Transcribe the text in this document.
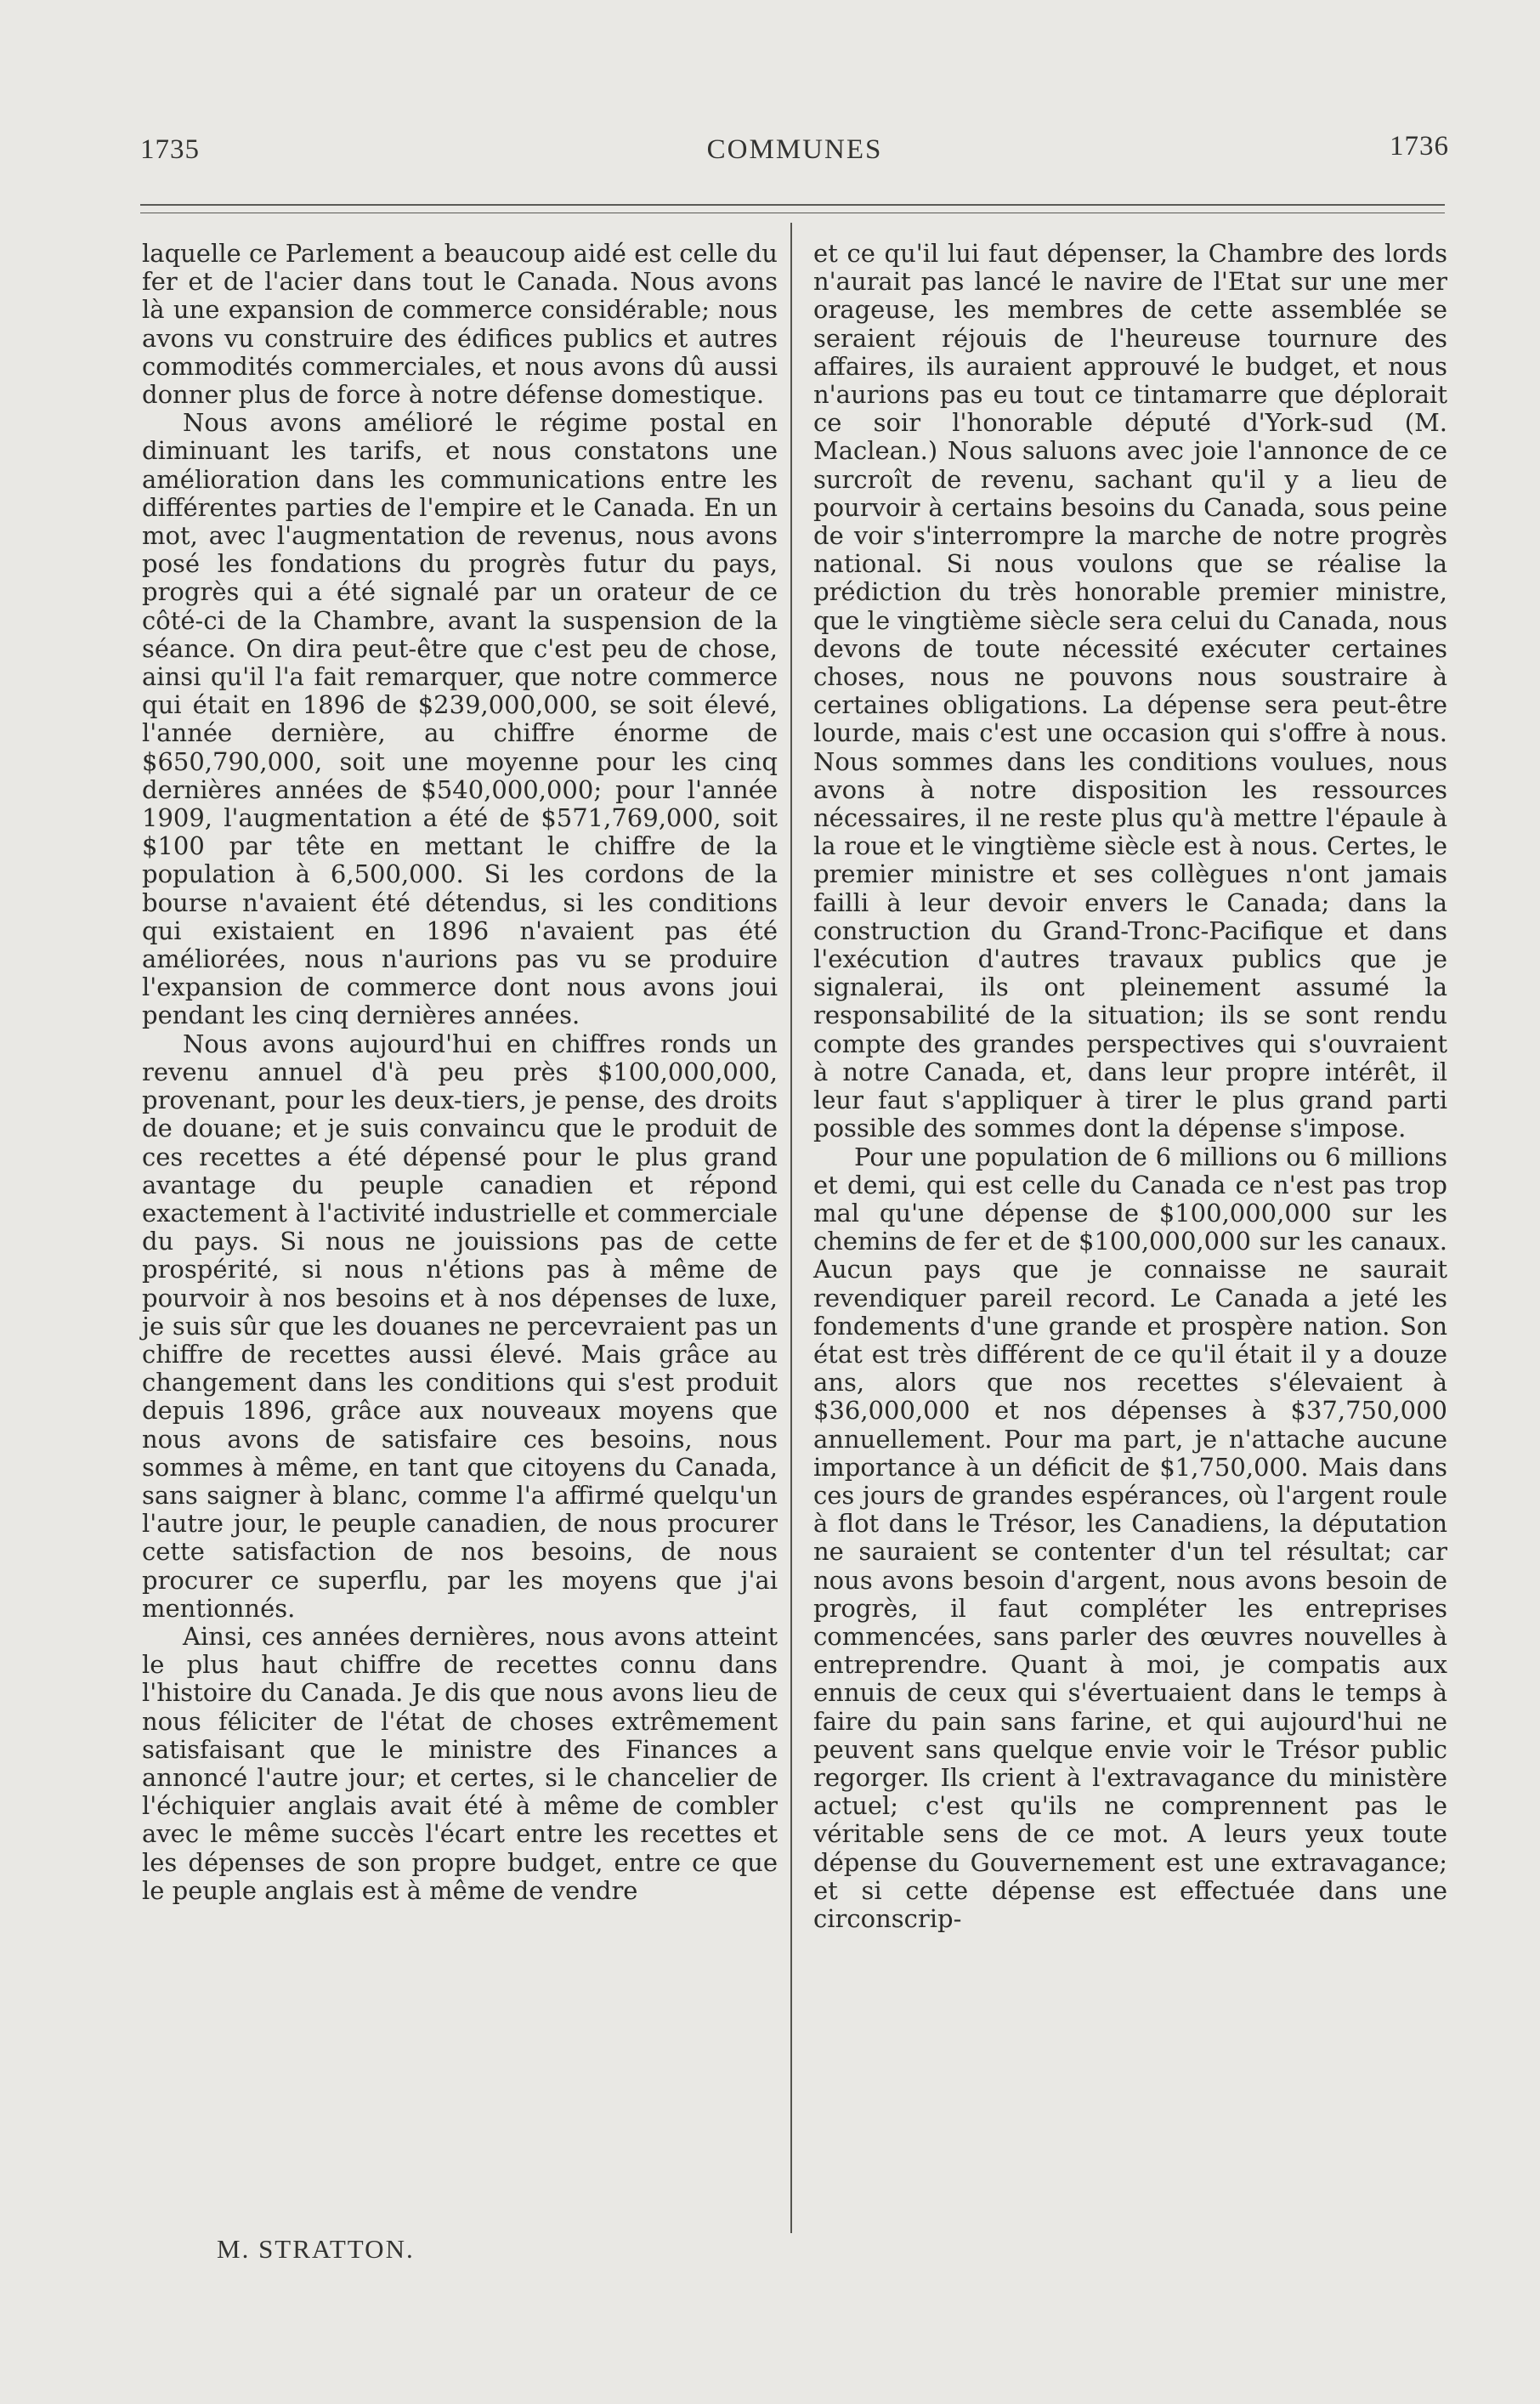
1735	COMMUNES	1736

laquelle ce Parlement a beaucoup aidé est celle du fer et de l'acier dans tout le Canada. Nous avons là une expansion de commerce considérable; nous avons vu construire des édifices publics et autres commodités commerciales, et nous avons dû aussi donner plus de force à notre défense domestique.

Nous avons amélioré le régime postal en diminuant les tarifs, et nous constatons une amélioration dans les communications entre les différentes parties de l'empire et le Canada. En un mot, avec l'augmentation de revenus, nous avons posé les fondations du progrès futur du pays, progrès qui a été signalé par un orateur de ce côté-ci de la Chambre, avant la suspension de la séance. On dira peut-être que c'est peu de chose, ainsi qu'il l'a fait remarquer, que notre commerce qui était en 1896 de $239,000,000, se soit élevé, l'année dernière, au chiffre énorme de $650,790,000, soit une moyenne pour les cinq dernières années de $540,000,000; pour l'année 1909, l'augmentation a été de $571,769,000, soit $100 par tête en mettant le chiffre de la population à 6,500,000. Si les cordons de la bourse n'avaient été détendus, si les conditions qui existaient en 1896 n'avaient pas été améliorées, nous n'aurions pas vu se produire l'expansion de commerce dont nous avons joui pendant les cinq dernières années.

Nous avons aujourd'hui en chiffres ronds un revenu annuel d'à peu près $100,000,000, provenant, pour les deux-tiers, je pense, des droits de douane; et je suis convaincu que le produit de ces recettes a été dépensé pour le plus grand avantage du peuple canadien et répond exactement à l'activité industrielle et commerciale du pays. Si nous ne jouissions pas de cette prospérité, si nous n'étions pas à même de pourvoir à nos besoins et à nos dépenses de luxe, je suis sûr que les douanes ne percevraient pas un chiffre de recettes aussi élevé. Mais grâce au changement dans les conditions qui s'est produit depuis 1896, grâce aux nouveaux moyens que nous avons de satisfaire ces besoins, nous sommes à même, en tant que citoyens du Canada, sans saigner à blanc, comme l'a affirmé quelqu'un l'autre jour, le peuple canadien, de nous procurer cette satisfaction de nos besoins, de nous procurer ce superflu, par les moyens que j'ai mentionnés.

Ainsi, ces années dernières, nous avons atteint le plus haut chiffre de recettes connu dans l'histoire du Canada. Je dis que nous avons lieu de nous féliciter de l'état de choses extrêmement satisfaisant que le ministre des Finances a annoncé l'autre jour; et certes, si le chancelier de l'échiquier anglais avait été à même de combler avec le même succès l'écart entre les recettes et les dépenses de son propre budget, entre ce que le peuple anglais est à même de vendre

et ce qu'il lui faut dépenser, la Chambre des lords n'aurait pas lancé le navire de l'Etat sur une mer orageuse, les membres de cette assemblée se seraient réjouis de l'heureuse tournure des affaires, ils auraient approuvé le budget, et nous n'aurions pas eu tout ce tintamarre que déplorait ce soir l'honorable député d'York-sud (M. Maclean.) Nous saluons avec joie l'annonce de ce surcroît de revenu, sachant qu'il y a lieu de pourvoir à certains besoins du Canada, sous peine de voir s'interrompre la marche de notre progrès national. Si nous voulons que se réalise la prédiction du très honorable premier ministre, que le vingtième siècle sera celui du Canada, nous devons de toute nécessité exécuter certaines choses, nous ne pouvons nous soustraire à certaines obligations. La dépense sera peut-être lourde, mais c'est une occasion qui s'offre à nous. Nous sommes dans les conditions voulues, nous avons à notre disposition les ressources nécessaires, il ne reste plus qu'à mettre l'épaule à la roue et le vingtième siècle est à nous. Certes, le premier ministre et ses collègues n'ont jamais failli à leur devoir envers le Canada; dans la construction du Grand-Tronc-Pacifique et dans l'exécution d'autres travaux publics que je signalerai, ils ont pleinement assumé la responsabilité de la situation; ils se sont rendu compte des grandes perspectives qui s'ouvraient à notre Canada, et, dans leur propre intérêt, il leur faut s'appliquer à tirer le plus grand parti possible des sommes dont la dépense s'impose.

Pour une population de 6 millions ou 6 millions et demi, qui est celle du Canada ce n'est pas trop mal qu'une dépense de $100,000,000 sur les chemins de fer et de $100,000,000 sur les canaux. Aucun pays que je connaisse ne saurait revendiquer pareil record. Le Canada a jeté les fondements d'une grande et prospère nation. Son état est très différent de ce qu'il était il y a douze ans, alors que nos recettes s'élevaient à $36,000,000 et nos dépenses à $37,750,000 annuellement. Pour ma part, je n'attache aucune importance à un déficit de $1,750,000. Mais dans ces jours de grandes espérances, où l'argent roule à flot dans le Trésor, les Canadiens, la députation ne sauraient se contenter d'un tel résultat; car nous avons besoin d'argent, nous avons besoin de progrès, il faut compléter les entreprises commencées, sans parler des œuvres nouvelles à entreprendre. Quant à moi, je compatis aux ennuis de ceux qui s'évertuaient dans le temps à faire du pain sans farine, et qui aujourd'hui ne peuvent sans quelque envie voir le Trésor public regorger. Ils crient à l'extravagance du ministère actuel; c'est qu'ils ne comprennent pas le véritable sens de ce mot. A leurs yeux toute dépense du Gouvernement est une extravagance; et si cette dépense est effectuée dans une circonscrip-

M. STRATTON.
